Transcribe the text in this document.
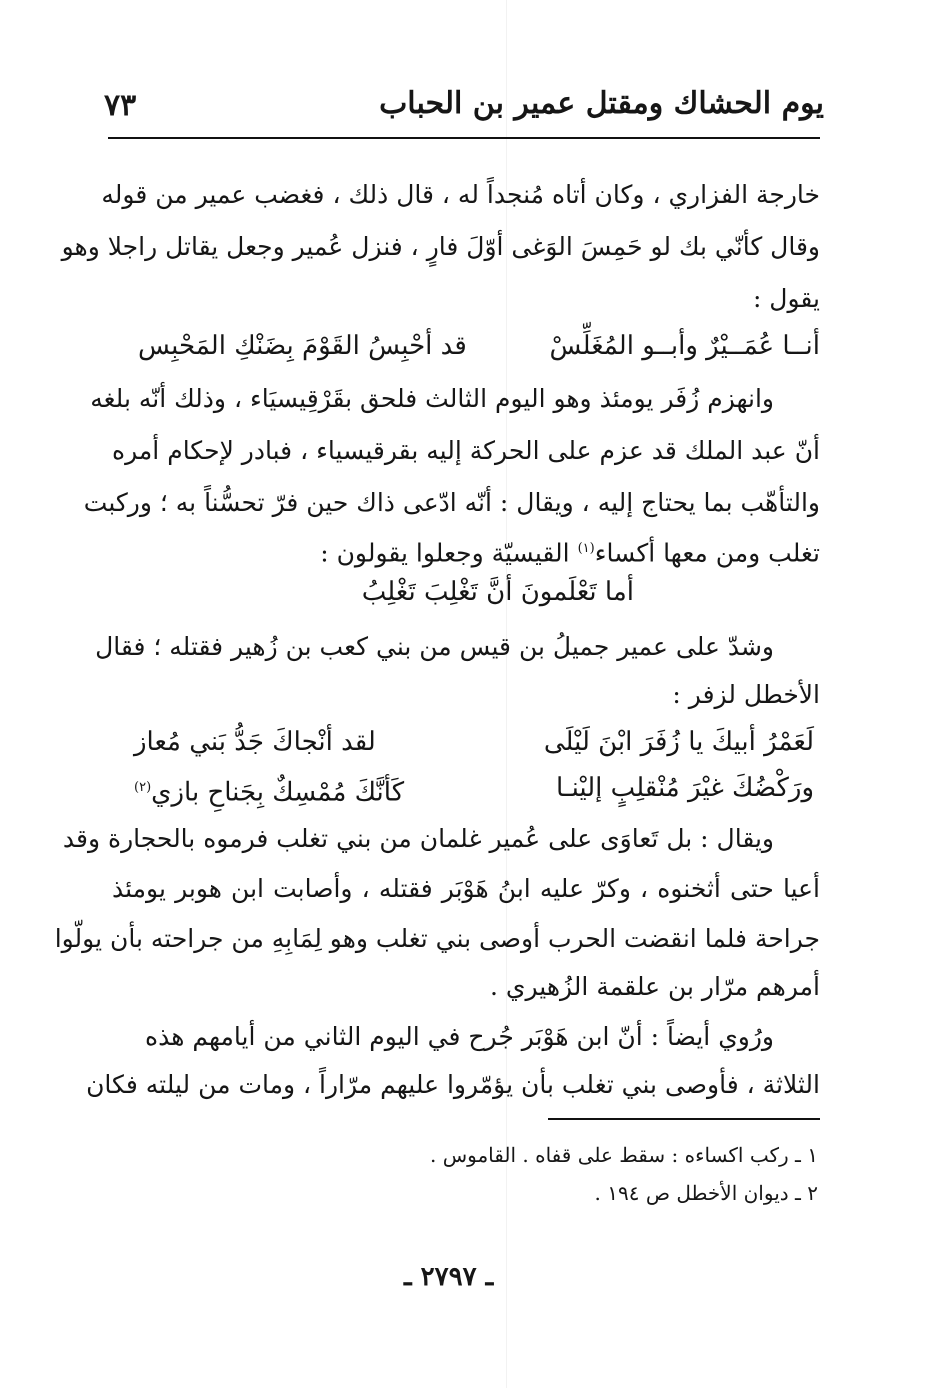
يوم الحشاك ومقتل عمير بن الحباب
٧٣
خارجة الفزاري ، وكان أتاه مُنجداً له ، قال ذلك ، فغضب عمير من قوله
وقال كأنّي بك لو حَمِسَ الوَغى أوّلَ فارٍ ، فنزل عُمير وجعل يقاتل راجلا وهو
يقول :
أنــا عُمَــيْرٌ وأبــو المُغَلِّسْ
قد أحْبِسُ القَوْمَ بِضَنْكِ المَحْبِس
وانهزم زُفَر يومئذ وهو اليوم الثالث فلحق بقَرْقِيسيَاء ، وذلك أنّه بلغه
أنّ عبد الملك قد عزم على الحركة إليه بقرقيسياء ، فبادر لإحكام أمره
والتأهّب بما يحتاج إليه ، ويقال : أنّه ادّعى ذاك حين فرّ تحسُّناً به ؛ وركبت
تغلب ومن معها أكساء$^{(١)}$ القيسيّة وجعلوا يقولون :
أما تَعْلَمونَ أنَّ تَغْلِبَ تَغْلِبُ
وشدّ على عمير جميلُ بن قيس من بني كعب بن زُهير فقتله ؛ فقال
الأخطل لزفر :
لَعَمْرُ أبيكَ يا زُفَرَ ابْنَ لَيْلَى
لقد أنْجاكَ جَدُّ بَني مُعاز
ورَكْضُكَ غيْرَ مُنْقلِبٍ إليْنـا
كَأنَّكَ مُمْسِكٌ بِجَناحِ بازي$^{(٢)}$
ويقال : بل تَعاوَى على عُمير غلمان من بني تغلب فرموه بالحجارة وقد
أعيا حتى أثخنوه ، وكرّ عليه ابنُ هَوْبَر فقتله ، وأصابت ابن هوبر يومئذ
جراحة فلما انقضت الحرب أوصى بني تغلب وهو لِمَابِهِ من جراحته بأن يولّوا
أمرهم مرّار بن علقمة الزُهيري .
ورُوي أيضاً : أنّ ابن هَوْبَر جُرح في اليوم الثاني من أيامهم هذه
الثلاثة ، فأوصى بني تغلب بأن يؤمّروا عليهم مرّاراً ، ومات من ليلته فكان
١ ـ ركب اكساءه : سقط على قفاه . القاموس .
٢ ـ ديوان الأخطل ص ١٩٤ .
ـ ٢٧٩٧ ـ
